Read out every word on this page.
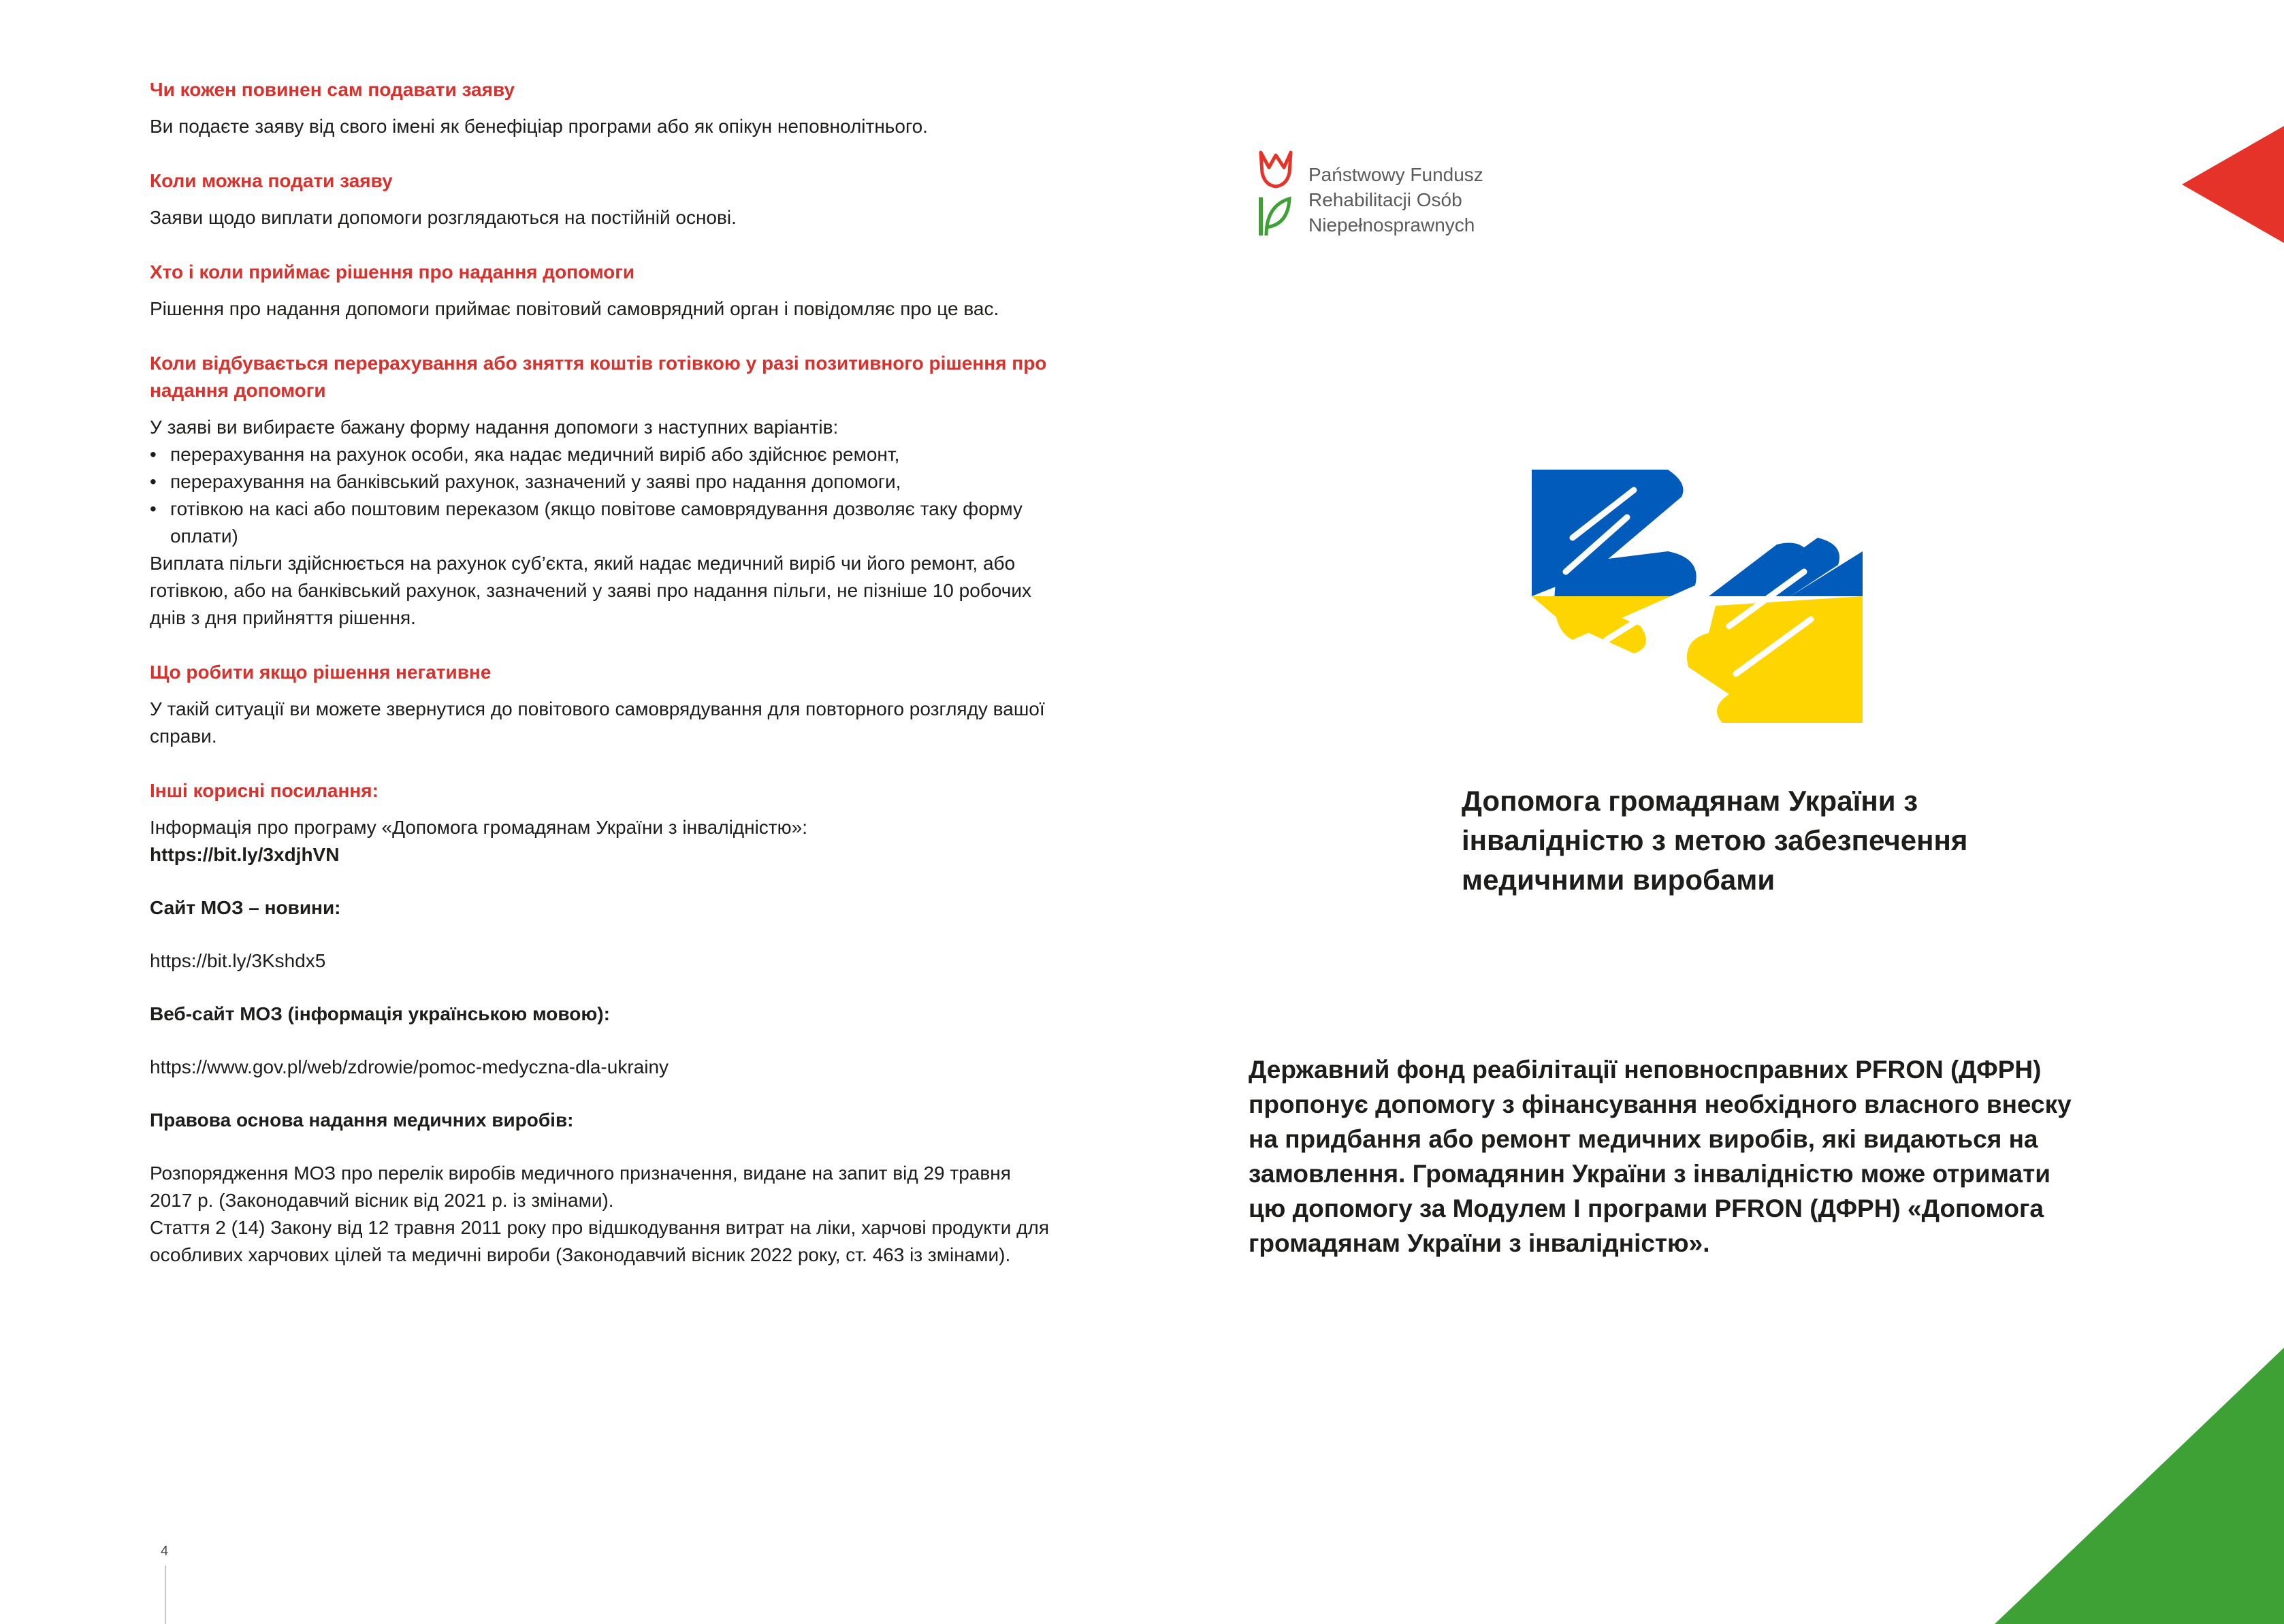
Чи кожен повинен сам подавати заяву

Ви подаєте заяву від свого імені як бенефіціар програми або як опікун неповнолітнього.

Коли можна подати заяву

Заяви щодо виплати допомоги розглядаються на постійній основі.

Хто і коли приймає рішення про надання допомоги

Рішення про надання допомоги приймає повітовий самоврядний орган і повідомляє про це вас.

Коли відбувається перерахування або зняття коштів готівкою у разі позитивного рішення про надання допомоги

У заяві ви вибираєте бажану форму надання допомоги з наступних варіантів:

• перерахування на рахунок особи, яка надає медичний виріб або здійснює ремонт,
• перерахування на банківський рахунок, зазначений у заяві про надання допомоги,
• готівкою на касі або поштовим переказом (якщо повітове самоврядування дозволяє таку форму оплати)

Виплата пільги здійснюється на рахунок суб’єкта, який надає медичний виріб чи його ремонт, або готівкою, або на банківський рахунок, зазначений у заяві про надання пільги, не пізніше 10 робочих днів з дня прийняття рішення.

Що робити якщо рішення негативне

У такій ситуації ви можете звернутися до повітового самоврядування для повторного розгляду вашої справи.

Інші корисні посилання:

Інформація про програму «Допомога громадянам України з інвалідністю»:

https://bit.ly/3xdjhVN

Сайт МОЗ – новини:

https://bit.ly/3Kshdx5

Веб-сайт МОЗ (інформація українською мовою):

https://www.gov.pl/web/zdrowie/pomoc-medyczna-dla-ukrainy

Правова основа надання медичних виробів:

Розпорядження МОЗ про перелік виробів медичного призначення, видане на запит від 29 травня 2017 р. (Законодавчий вісник від 2021 р. із змінами).

Стаття 2 (14) Закону від 12 травня 2011 року про відшкодування витрат на ліки, харчові продукти для особливих харчових цілей та медичні вироби (Законодавчий вісник 2022 року, ст. 463 із змінами).

4
Państwowy Fundusz
Rehabilitacji Osób
Niepełnosprawnych
Допомога громадянам України з інвалідністю з метою забезпечення медичними виробами
Державний фонд реабілітації неповносправних PFRON (ДФРН) пропонує допомогу з фінансування необхідного власного внеску на придбання або ремонт медичних виробів, які видаються на замовлення. Громадянин України з інвалідністю може отримати цю допомогу за Модулем I програми PFRON (ДФРН) «Допомога громадянам України з інвалідністю».
